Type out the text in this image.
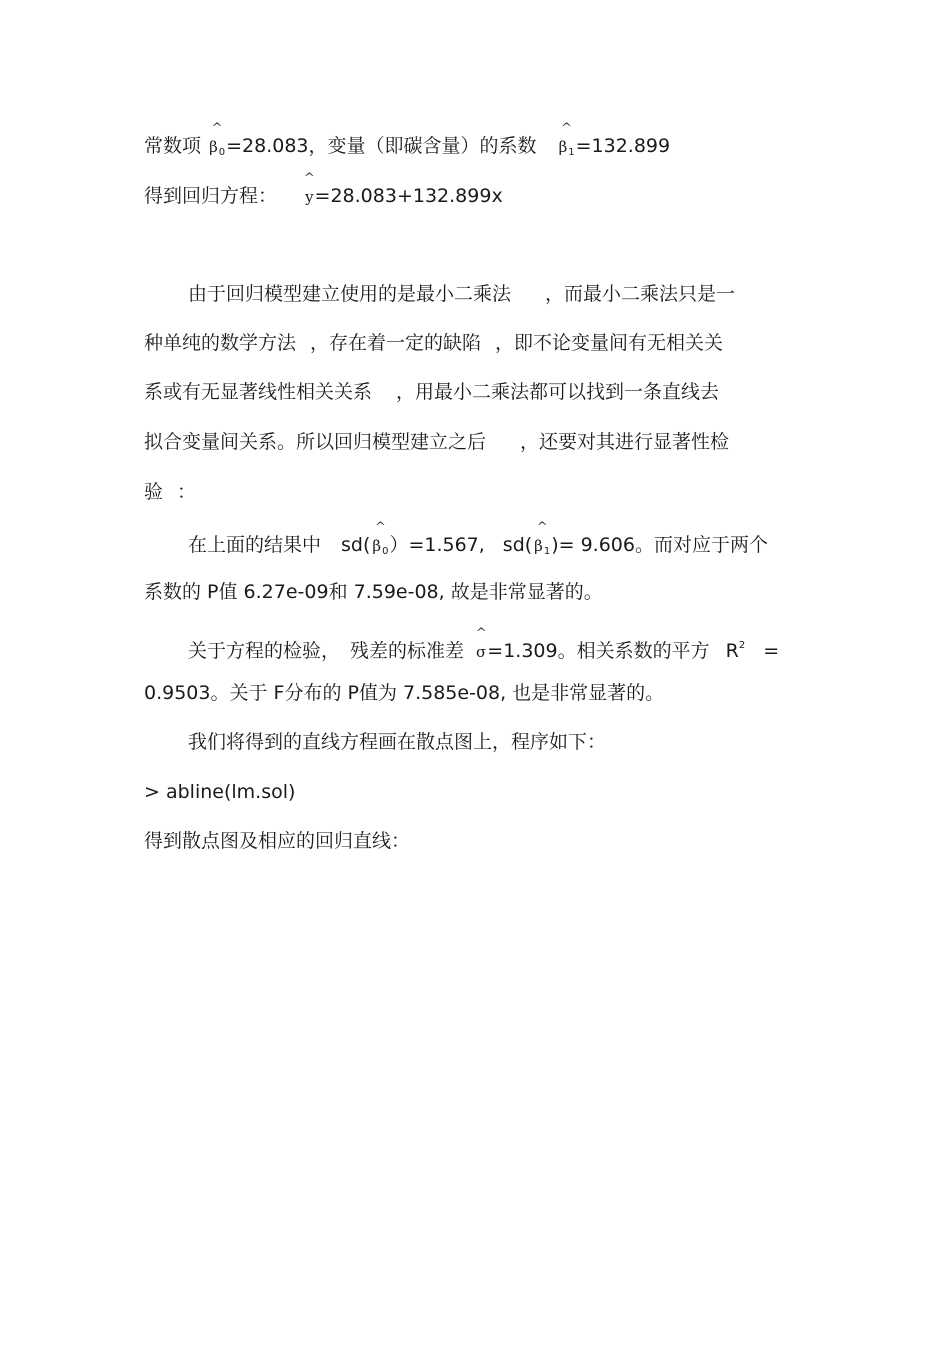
常数项
^
$\beta_0=28.083$，变量（即碳含量）的系数
^
$\beta_1=132.899$
得到回归方程：
^
y=28.083+132.899x
由于回归模型建立使用的是最小二乘法 ，而最小二乘法只是一
种单纯的数学方法 ，存在着一定的缺陷 ，即不论变量间有无相关关
系或有无显著线性相关关系 ，用最小二乘法都可以找到一条直线去
拟合变量间关系。所以回归模型建立之后 ，还要对其进行显著性检
验 ：
在上面的结果中 sd(
^
$\beta_0)=1.567$, sd(
^
$\beta_1)= 9.606$。而对应于两个
系数的 P值 6.27e-09和 7.59e-08, 故是非常显著的。
关于方程的检验， 残差的标准差
^
σ=1.309。相关系数的平方 $R^2$ =
0.9503。关于 F分布的 P值为 7.585e-08, 也是非常显著的。
我们将得到的直线方程画在散点图上，程序如下：
> abline(lm.sol)
得到散点图及相应的回归直线：
